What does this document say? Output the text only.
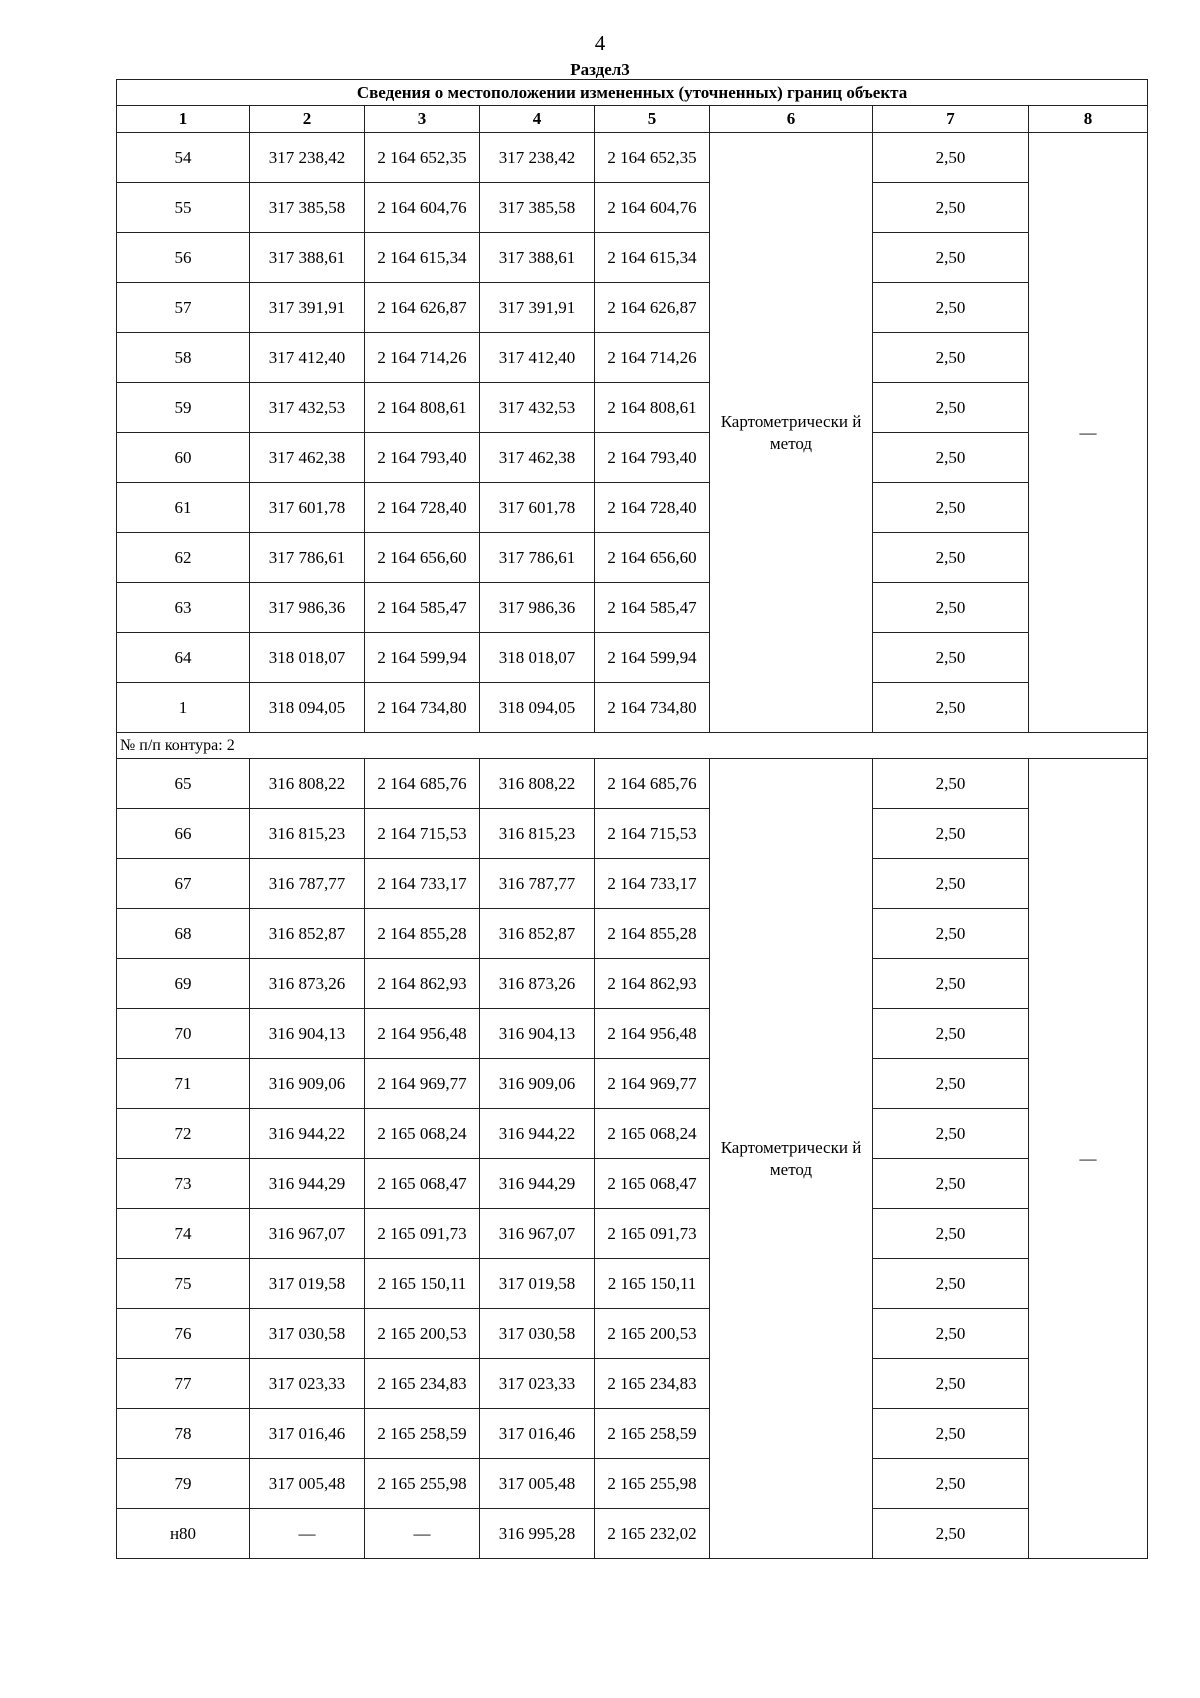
4
Раздел3
Сведения о местоположении измененных (уточненных) границ объекта							
1	2	3	4	5	6	7	8
54	317 238,42	2 164 652,35	317 238,42	2 164 652,35	Картометрически й метод	2,50	—
55	317 385,58	2 164 604,76	317 385,58	2 164 604,76		2,50	
56	317 388,61	2 164 615,34	317 388,61	2 164 615,34		2,50	
57	317 391,91	2 164 626,87	317 391,91	2 164 626,87		2,50	
58	317 412,40	2 164 714,26	317 412,40	2 164 714,26		2,50	
59	317 432,53	2 164 808,61	317 432,53	2 164 808,61		2,50	
60	317 462,38	2 164 793,40	317 462,38	2 164 793,40		2,50	
61	317 601,78	2 164 728,40	317 601,78	2 164 728,40		2,50	
62	317 786,61	2 164 656,60	317 786,61	2 164 656,60		2,50	
63	317 986,36	2 164 585,47	317 986,36	2 164 585,47		2,50	
64	318 018,07	2 164 599,94	318 018,07	2 164 599,94		2,50	
1	318 094,05	2 164 734,80	318 094,05	2 164 734,80		2,50	
№ п/п контура: 2							
65	316 808,22	2 164 685,76	316 808,22	2 164 685,76	Картометрически й метод	2,50	—
66	316 815,23	2 164 715,53	316 815,23	2 164 715,53		2,50	
67	316 787,77	2 164 733,17	316 787,77	2 164 733,17		2,50	
68	316 852,87	2 164 855,28	316 852,87	2 164 855,28		2,50	
69	316 873,26	2 164 862,93	316 873,26	2 164 862,93		2,50	
70	316 904,13	2 164 956,48	316 904,13	2 164 956,48		2,50	
71	316 909,06	2 164 969,77	316 909,06	2 164 969,77		2,50	
72	316 944,22	2 165 068,24	316 944,22	2 165 068,24		2,50	
73	316 944,29	2 165 068,47	316 944,29	2 165 068,47		2,50	
74	316 967,07	2 165 091,73	316 967,07	2 165 091,73		2,50	
75	317 019,58	2 165 150,11	317 019,58	2 165 150,11		2,50	
76	317 030,58	2 165 200,53	317 030,58	2 165 200,53		2,50	
77	317 023,33	2 165 234,83	317 023,33	2 165 234,83		2,50	
78	317 016,46	2 165 258,59	317 016,46	2 165 258,59		2,50	
79	317 005,48	2 165 255,98	317 005,48	2 165 255,98		2,50	
н80	—	—	316 995,28	2 165 232,02		2,50	
